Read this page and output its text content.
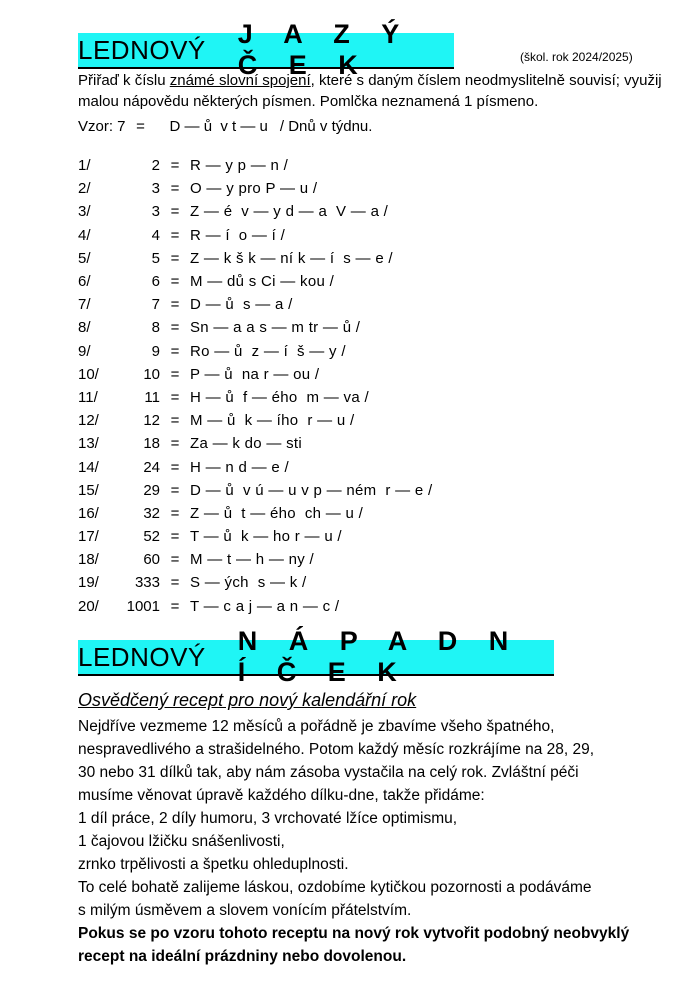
LEDNOVÝ
J A Z Ý Č E K	(škol. rok 2024/2025)
Přiřaď k číslu známé slovní spojení, které s daným číslem neodmyslitelně souvisí; využij malou nápovědu některých písmen. Pomlčka neznamená 1 písmeno.
Vzor: 7 =	D — ů  v t — u / Dnů v týdnu.
1/	2 = R — y p — n /
2/	3 = O — y pro P — u /
3/	3 = Z — é  v — y d — a  V — a /
4/	4 = R — í  o — í /
5/	5 = Z — k š k — ní k — í  s — e /
6/	6 = M — dů s Ci — kou /
7/	7 = D — ů  s — a /
8/	8 = Sn — a a s — m tr — ů /
9/	9 = Ro — ů  z — í  š — y /
10/	10 = P — ů  na r — ou /
11/	11 = H — ů  f — ého  m — va /
12/	12 = M — ů  k — ího  r — u /
13/	18 = Za — k do — sti
14/	24 = H — n d — e /
15/	29 = D — ů  v ú — u v p — ném  r — e /
16/	32 = Z — ů  t — ého  ch — u /
17/	52 = T — ů  k — ho r — u /
18/	60 = M — t — h — ny /
19/	333 = S — ých  s — k /
20/	1001 = T — c a j — a n — c /
LEDNOVÝ
N Á P A D N Í Č E K
Osvědčený recept pro nový kalendářní rok
Nejdříve vezmeme 12 měsíců a pořádně je zbavíme všeho špatného,
nespravedlivého a strašidelného. Potom každý měsíc rozkrájíme na 28, 29,
30 nebo 31 dílků tak, aby nám zásoba vystačila na celý rok. Zvláštní péči
musíme věnovat úpravě každého dílku-dne, takže přidáme:
1 díl práce, 2 díly humoru, 3 vrchovaté lžíce optimismu,
1 čajovou lžičku snášenlivosti,
zrnko trpělivosti a špetku ohleduplnosti.
To celé bohatě zalijeme láskou, ozdobíme kytičkou pozornosti a podáváme
s milým úsměvem a slovem vonícím přátelstvím.
Pokus se po vzoru tohoto receptu na nový rok vytvořit podobný neobvyklý
recept na ideální prázdniny nebo dovolenou.
